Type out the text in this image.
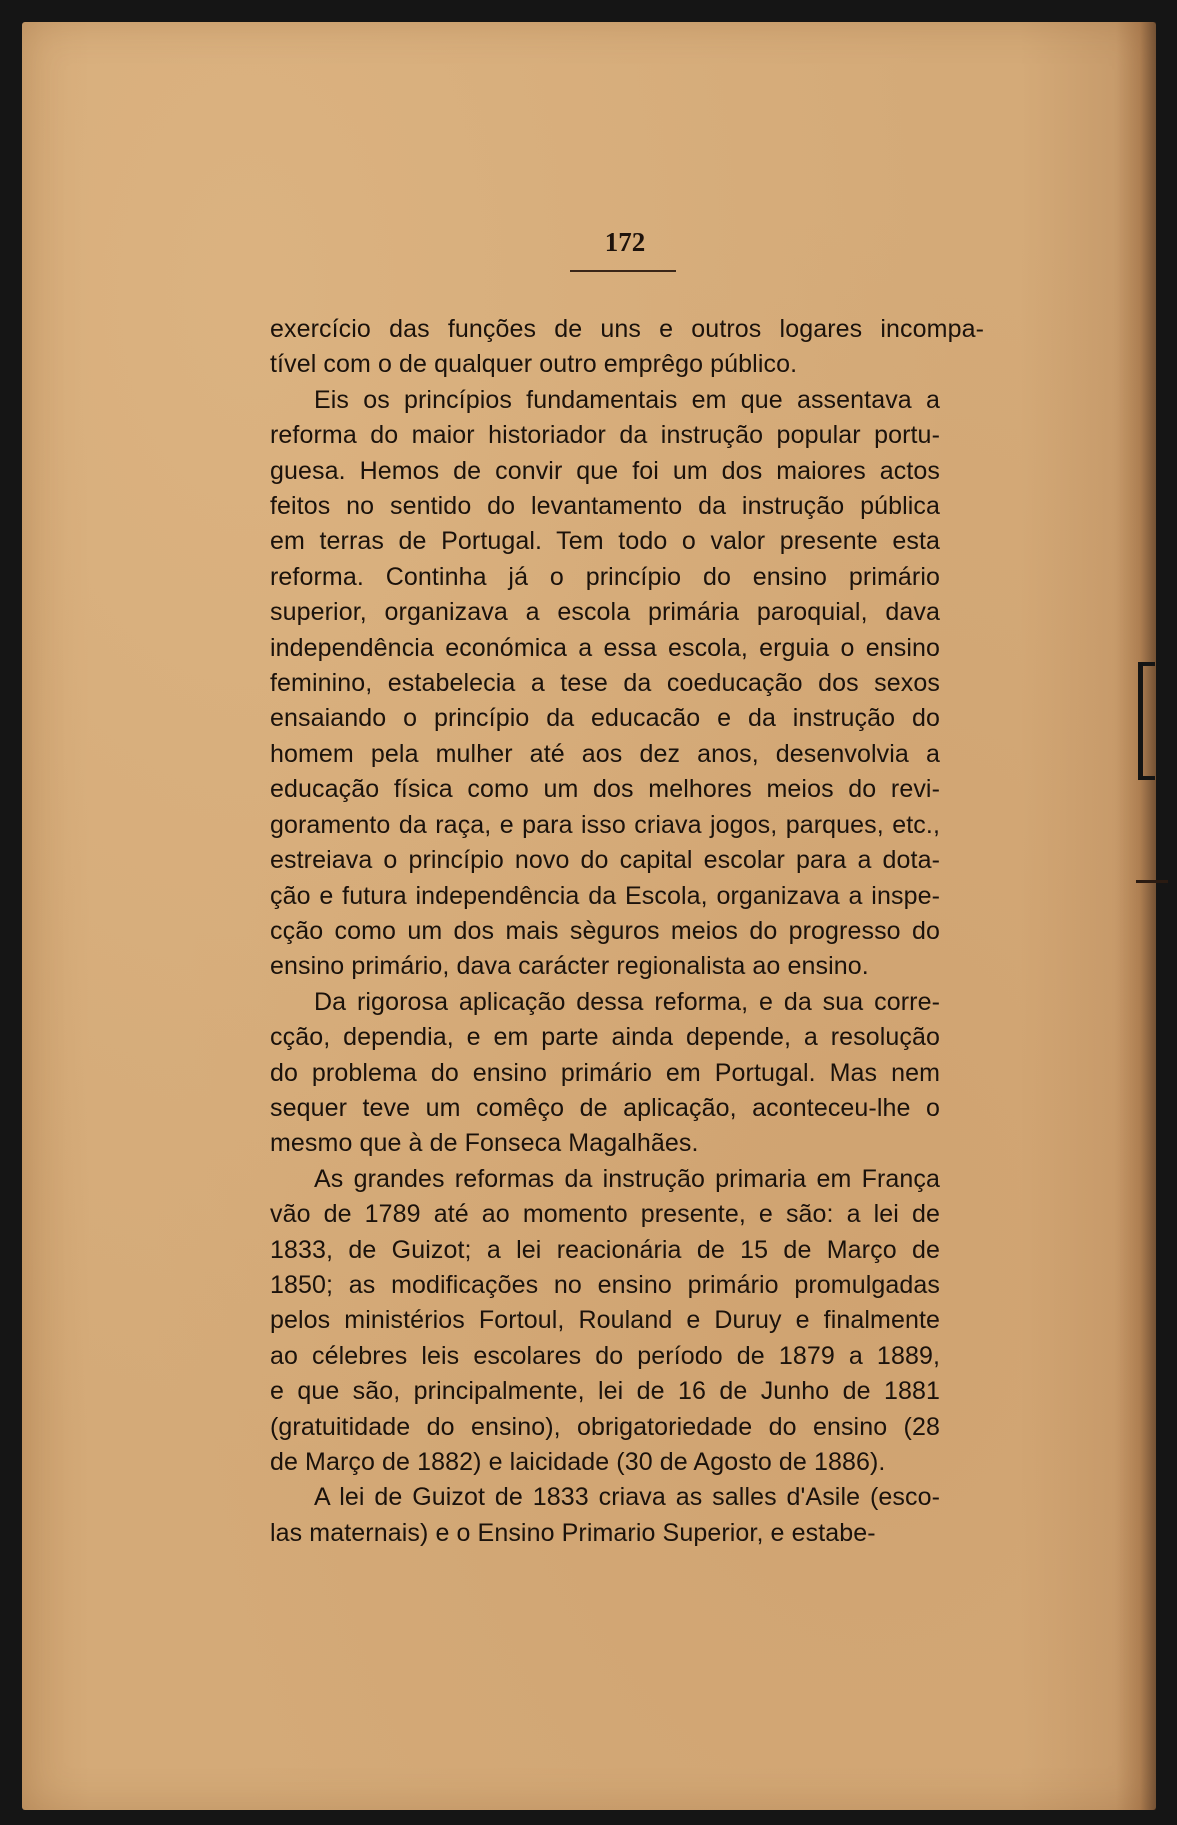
172

exercício das funções de uns e outros logares incompa-
tível com o de qualquer outro emprêgo público.

Eis os princípios fundamentais em que assentava a
reforma do maior historiador da instrução popular portu-
guesa. Hemos de convir que foi um dos maiores actos
feitos no sentido do levantamento da instrução pública
em terras de Portugal. Tem todo o valor presente esta
reforma. Continha já o princípio do ensino primário
superior, organizava a escola primária paroquial, dava
independência económica a essa escola, erguia o ensino
feminino, estabelecia a tese da coeducação dos sexos
ensaiando o princípio da educacão e da instrução do
homem pela mulher até aos dez anos, desenvolvia a
educação física como um dos melhores meios do revi-
goramento da raça, e para isso criava jogos, parques, etc.,
estreiava o princípio novo do capital escolar para a dota-
ção e futura independência da Escola, organizava a inspe-
cção como um dos mais sèguros meios do progresso do
ensino primário, dava carácter regionalista ao ensino.

Da rigorosa aplicação dessa reforma, e da sua corre-
cção, dependia, e em parte ainda depende, a resolução
do problema do ensino primário em Portugal. Mas nem
sequer teve um comêço de aplicação, aconteceu-lhe o
mesmo que à de Fonseca Magalhães.

As grandes reformas da instrução primaria em França
vão de 1789 até ao momento presente, e são: a lei de
1833, de Guizot; a lei reacionária de 15 de Março de
1850; as modificações no ensino primário promulgadas
pelos ministérios Fortoul, Rouland e Duruy e finalmente
ao célebres leis escolares do período de 1879 a 1889,
e que são, principalmente, lei de 16 de Junho de 1881
(gratuitidade do ensino), obrigatoriedade do ensino (28
de Março de 1882) e laicidade (30 de Agosto de 1886).

A lei de Guizot de 1833 criava as salles d'Asile (esco-
las maternais) e o Ensino Primario Superior, e estabe-
